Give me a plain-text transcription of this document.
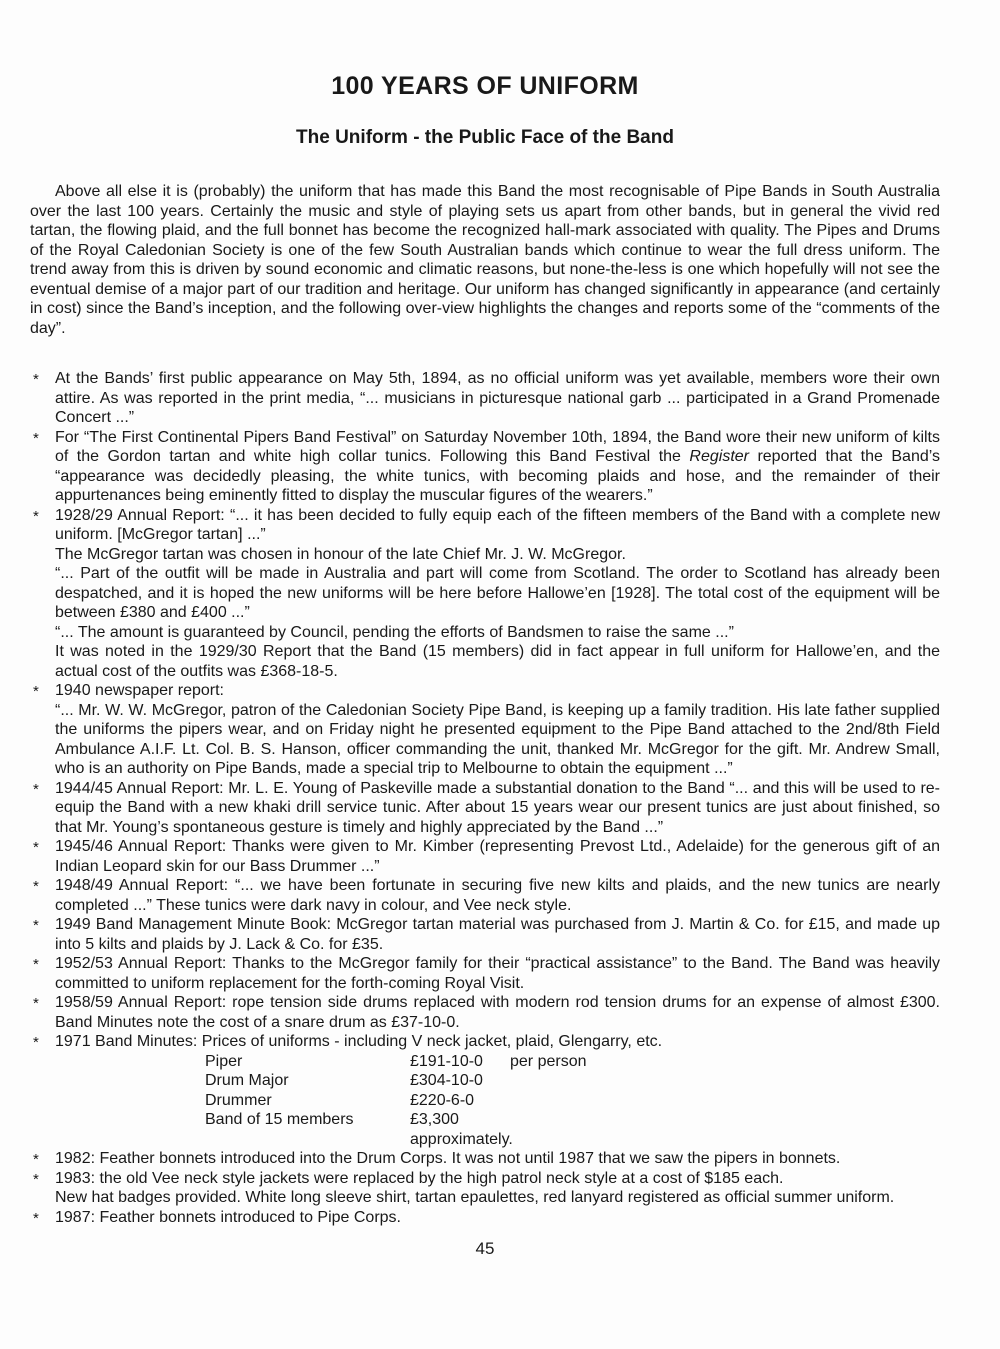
100 YEARS OF UNIFORM
The Uniform - the Public Face of the Band

Above all else it is (probably) the uniform that has made this Band the most recognisable of Pipe Bands in South Australia over the last 100 years. Certainly the music and style of playing sets us apart from other bands, but in general the vivid red tartan, the flowing plaid, and the full bonnet has become the recognized hall-mark associated with quality. The Pipes and Drums of the Royal Caledonian Society is one of the few South Australian bands which continue to wear the full dress uniform. The trend away from this is driven by sound economic and climatic reasons, but none-the-less is one which hopefully will not see the eventual demise of a major part of our tradition and heritage. Our uniform has changed significantly in appearance (and certainly in cost) since the Band’s inception, and the following over-view highlights the changes and reports some of the “comments of the day”.

* At the Bands’ first public appearance on May 5th, 1894, as no official uniform was yet available, members wore their own attire. As was reported in the print media, “... musicians in picturesque national garb ... participated in a Grand Promenade Concert ...”
* For “The First Continental Pipers Band Festival” on Saturday November 10th, 1894, the Band wore their new uniform of kilts of the Gordon tartan and white high collar tunics. Following this Band Festival the Register reported that the Band’s “appearance was decidedly pleasing, the white tunics, with becoming plaids and hose, and the remainder of their appurtenances being eminently fitted to display the muscular figures of the wearers.”
* 1928/29 Annual Report: “... it has been decided to fully equip each of the fifteen members of the Band with a complete new uniform. [McGregor tartan] ...”
The McGregor tartan was chosen in honour of the late Chief Mr. J. W. McGregor.
“... Part of the outfit will be made in Australia and part will come from Scotland. The order to Scotland has already been despatched, and it is hoped the new uniforms will be here before Hallowe’en [1928]. The total cost of the equipment will be between £380 and £400 ...”
“... The amount is guaranteed by Council, pending the efforts of Bandsmen to raise the same ...”
It was noted in the 1929/30 Report that the Band (15 members) did in fact appear in full uniform for Hallowe’en, and the actual cost of the outfits was £368-18-5.
* 1940 newspaper report:
“... Mr. W. W. McGregor, patron of the Caledonian Society Pipe Band, is keeping up a family tradition. His late father supplied the uniforms the pipers wear, and on Friday night he presented equipment to the Pipe Band attached to the 2nd/8th Field Ambulance A.I.F. Lt. Col. B. S. Hanson, officer commanding the unit, thanked Mr. McGregor for the gift. Mr. Andrew Small, who is an authority on Pipe Bands, made a special trip to Melbourne to obtain the equipment ...”
* 1944/45 Annual Report: Mr. L. E. Young of Paskeville made a substantial donation to the Band “... and this will be used to re-equip the Band with a new khaki drill service tunic. After about 15 years wear our present tunics are just about finished, so that Mr. Young’s spontaneous gesture is timely and highly appreciated by the Band ...”
* 1945/46 Annual Report: Thanks were given to Mr. Kimber (representing Prevost Ltd., Adelaide) for the generous gift of an Indian Leopard skin for our Bass Drummer ...”
* 1948/49 Annual Report: “... we have been fortunate in securing five new kilts and plaids, and the new tunics are nearly completed ...” These tunics were dark navy in colour, and Vee neck style.
* 1949 Band Management Minute Book: McGregor tartan material was purchased from J. Martin & Co. for £15, and made up into 5 kilts and plaids by J. Lack & Co. for £35.
* 1952/53 Annual Report: Thanks to the McGregor family for their “practical assistance” to the Band. The Band was heavily committed to uniform replacement for the forth-coming Royal Visit.
* 1958/59 Annual Report: rope tension side drums replaced with modern rod tension drums for an expense of almost £300. Band Minutes note the cost of a snare drum as £37-10-0.
* 1971 Band Minutes: Prices of uniforms - including V neck jacket, plaid, Glengarry, etc.
Piper	£191-10-0	per person
Drum Major	£304-10-0
Drummer	£220-6-0
Band of 15 members	£3,300 approximately.
* 1982: Feather bonnets introduced into the Drum Corps. It was not until 1987 that we saw the pipers in bonnets.
* 1983: the old Vee neck style jackets were replaced by the high patrol neck style at a cost of $185 each.
New hat badges provided. White long sleeve shirt, tartan epaulettes, red lanyard registered as official summer uniform.
* 1987: Feather bonnets introduced to Pipe Corps.
45
